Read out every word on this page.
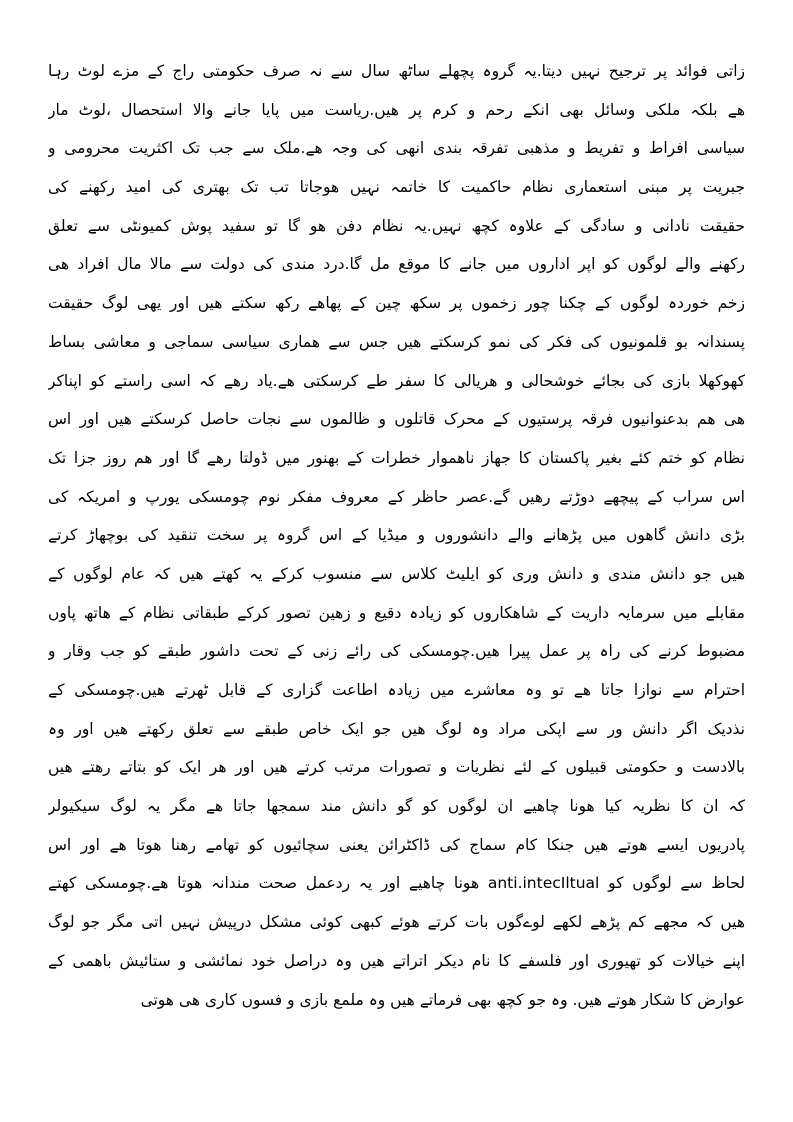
زاتی فوائد پر ترجیح نہیں دیتا.یہ گروہ پچھلے ساٹھ سال سے نہ صرف حکومتی راج کے مزے لوٹ رہا
ھے بلکہ ملکی وسائل بھی انکے رحم و کرم پر ھیں.ریاست میں پایا جانے والا استحصال ،لوٹ مار
سیاسی افراط و تفریط و مذھبی تفرقہ بندی انھی کی وجہ ھے.ملک سے جب تک اکثریت محرومی و
جبریت پر مبنی استعماری نظام حاکمیت کا خاتمہ نہیں ھوجاتا تب تک بھتری کی امید رکھنے کی
حقیقت نادانی و سادگی کے علاوہ کچھ نہیں.یہ نظام دفن ھو گا تو سفید پوش کمیونٹی سے تعلق
رکھنے والے لوگوں کو اپر اداروں میں جانے کا موقع مل گا.درد مندی کی دولت سے مالا مال افراد ھی
زخم خوردہ لوگوں کے چکنا چور زخموں پر سکھ چین کے پھاھے رکھ سکتے ھیں اور یھی لوگ حقیقت
پسندانہ بو قلمونیوں کی فکر کی نمو کرسکتے ھیں جس سے ھماری سیاسی سماجی و معاشی بساط
کھوکھلا بازی کی بجائے خوشحالی و ھریالی کا سفر طے کرسکتی ھے.یاد رھے کہ اسی راستے کو اپناکر
ھی ھم بدعنوانیوں فرقہ پرستیوں کے محرک قاتلوں و ظالموں سے نجات حاصل کرسکتے ھیں اور اس
نظام کو ختم کئے بغیر پاکستان کا جھاز ناھموار خطرات کے بھنور میں ڈولتا رھے گا اور ھم روز جزا تک
اس سراب کے پیچھے دوڑتے رھیں گے.عصر حاظر کے معروف مفکر نوم چومسکی یورپ و امریکہ کی
بڑی دانش گاھوں میں پڑھانے والے دانشوروں و میڈیا کے اس گروہ پر سخت تنقید کی بوچھاڑ کرتے
ھیں جو دانش مندی و دانش وری کو ایلیٹ کلاس سے منسوب کرکے یہ کھتے ھیں کہ عام لوگوں کے
مقابلے میں سرمایہ داریت کے شاھکاروں کو زیادہ دقیع و زھین تصور کرکے طبقاتی نظام کے ھاتھ پاوں
مضبوط کرنے کی راہ پر عمل پیرا ھیں.چومسکی کی رائے زنی کے تحت داشور طبقے کو جب وقار و
احترام سے نوازا جاتا ھے تو وہ معاشرے میں زیادہ اطاعت گزاری کے قابل ٹھرتے ھیں.چومسکی کے
نذدیک اگر دانش ور سے اپکی مراد وہ لوگ ھیں جو ایک خاص طبقے سے تعلق رکھتے ھیں اور وہ
بالادست و حکومتی قبیلوں کے لئے نظریات و تصورات مرتب کرتے ھیں اور ھر ایک کو بتاتے رھتے ھیں
کہ ان کا نظریہ کیا ھونا چاھیے ان لوگوں کو گو دانش مند سمجھا جاتا ھے مگر یہ لوگ سیکیولر
پادریوں ایسے ھوتے ھیں جنکا کام سماج کی ڈاکٹرائن یعنی سچائیوں کو تھامے رھنا ھوتا ھے اور اس
لحاظ سے لوگوں کو anti.intecIltual ھونا چاھیے اور یہ ردعمل صحت مندانہ ھوتا ھے.چومسکی کھتے
ھیں کہ مجھے کم پڑھے لکھے لوےگوں بات کرتے ھوئے کبھی کوئی مشکل درپیش نہیں اتی مگر جو لوگ
اپنے خیالات کو تھیوری اور فلسفے کا نام دیکر اتراتے ھیں وہ دراصل خود نمائشی و ستائیش باھمی کے
عوارض کا شکار ھوتے ھیں. وہ جو کچھ بھی فرماتے ھیں وہ ملمع بازی و فسوں کاری ھی ھوتی
